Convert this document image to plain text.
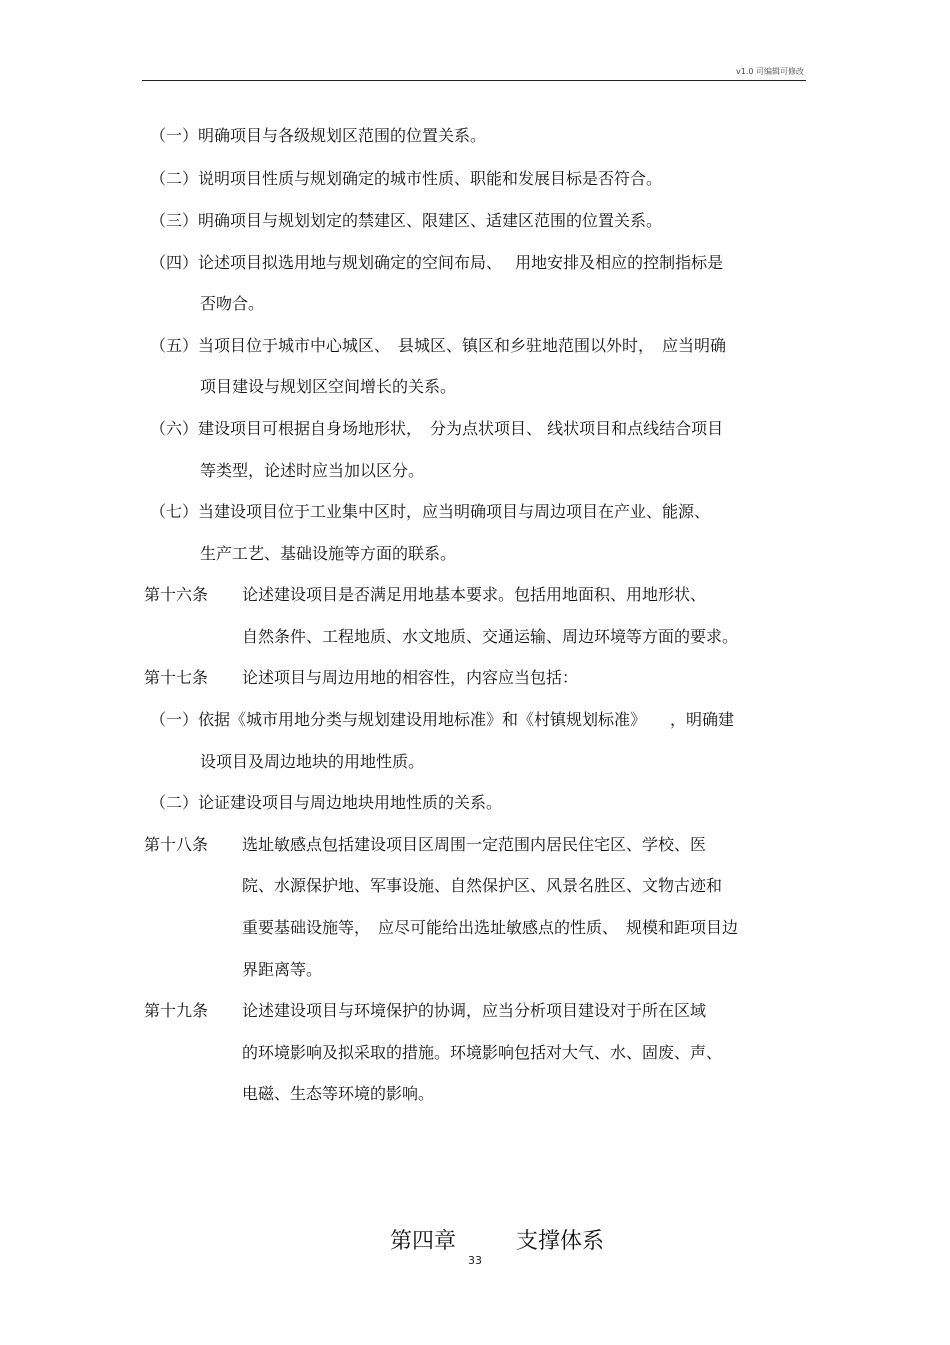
v1.0 可编辑可修改
（一）明确项目与各级规划区范围的位置关系。
（二）说明项目性质与规划确定的城市性质、职能和发展目标是否符合。
（三）明确项目与规划划定的禁建区、限建区、适建区范围的位置关系。
（四）论述项目拟选用地与规划确定的空间布局、　 用地安排及相应的控制指标是
否吻合。
（五）当项目位于城市中心城区、　县城区、镇区和乡驻地范围以外时，　应当明确
项目建设与规划区空间增长的关系。
（六）建设项目可根据自身场地形状，　分为点状项目、 线状项目和点线结合项目
等类型，论述时应当加以区分。
（七）当建设项目位于工业集中区时，应当明确项目与周边项目在产业、能源、
生产工艺、基础设施等方面的联系。
第十六条 论述建设项目是否满足用地基本要求。包括用地面积、用地形状、
自然条件、工程地质、水文地质、交通运输、周边环境等方面的要求。
第十七条 论述项目与周边用地的相容性，内容应当包括：
（一）依据《城市用地分类与规划建设用地标准》和《村镇规划标准》　　，明确建
设项目及周边地块的用地性质。
（二）论证建设项目与周边地块用地性质的关系。
第十八条 选址敏感点包括建设项目区周围一定范围内居民住宅区、学校、医
院、水源保护地、军事设施、自然保护区、风景名胜区、文物古迹和
重要基础设施等，　应尽可能给出选址敏感点的性质、　规模和距项目边
界距离等。
第十九条 论述建设项目与环境保护的协调，应当分析项目建设对于所在区域
的环境影响及拟采取的措施。环境影响包括对大气、水、固废、声、
电磁、生态等环境的影响。

第四章	支撑体系

33
